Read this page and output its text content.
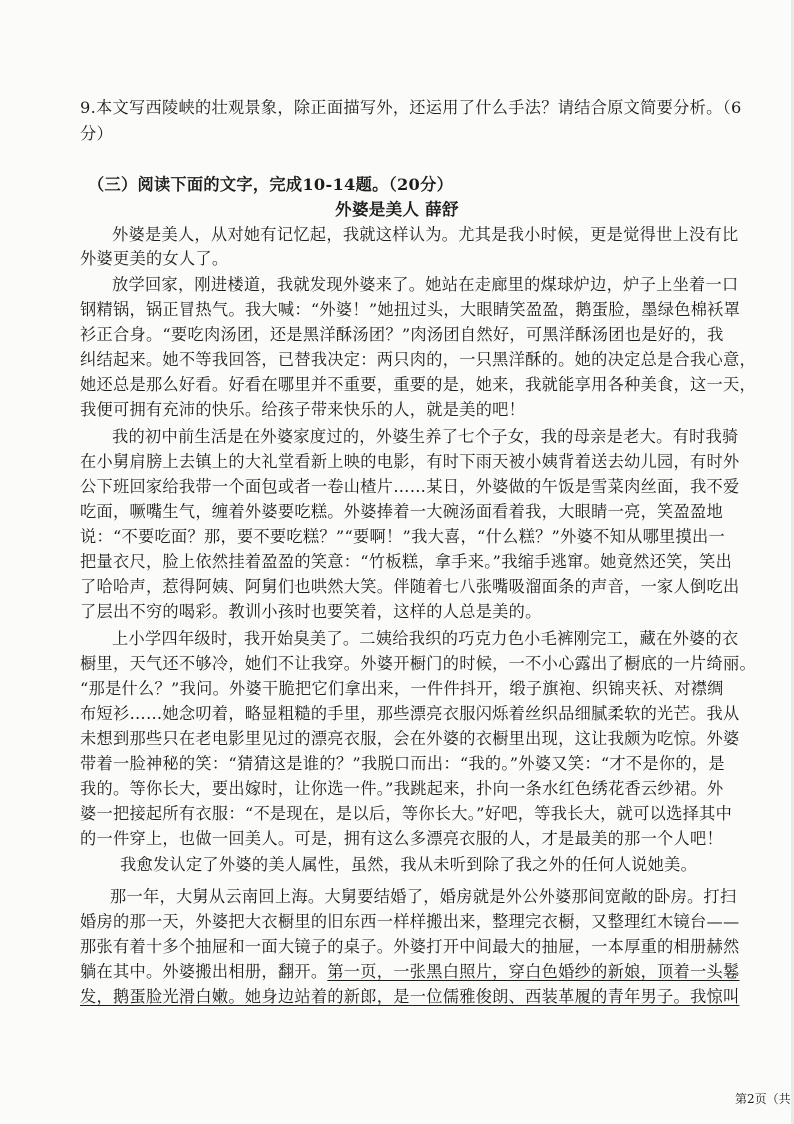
9.本文写西陵峡的壮观景象，除正面描写外，还运用了什么手法？请结合原文简要分析。（6
分）
（三）阅读下面的文字，完成10-14题。（20分）
外婆是美人 薛舒
外婆是美人，从对她有记忆起，我就这样认为。尤其是我小时候，更是觉得世上没有比
外婆更美的女人了。
放学回家，刚进楼道，我就发现外婆来了。她站在走廊里的煤球炉边，炉子上坐着一口
钢精锅，锅正冒热气。我大喊：“外婆！”她扭过头，大眼睛笑盈盈，鹅蛋脸，墨绿色棉袄罩
衫正合身。“要吃肉汤团，还是黑洋酥汤团？”肉汤团自然好，可黑洋酥汤团也是好的，我
纠结起来。她不等我回答，已替我决定：两只肉的，一只黑洋酥的。她的决定总是合我心意，
她还总是那么好看。好看在哪里并不重要，重要的是，她来，我就能享用各种美食，这一天，
我便可拥有充沛的快乐。给孩子带来快乐的人，就是美的吧！
我的初中前生活是在外婆家度过的，外婆生养了七个子女，我的母亲是老大。有时我骑
在小舅肩膀上去镇上的大礼堂看新上映的电影，有时下雨天被小姨背着送去幼儿园，有时外
公下班回家给我带一个面包或者一卷山楂片……某日，外婆做的午饭是雪菜肉丝面，我不爱
吃面，噘嘴生气，缠着外婆要吃糕。外婆捧着一大碗汤面看着我，大眼睛一亮，笑盈盈地
说：“不要吃面？那，要不要吃糕？”“要啊！”我大喜，“什么糕？”外婆不知从哪里摸出一
把量衣尺，脸上依然挂着盈盈的笑意：“竹板糕，拿手来。”我缩手逃窜。她竟然还笑，笑出
了哈哈声，惹得阿姨、阿舅们也哄然大笑。伴随着七八张嘴吸溜面条的声音，一家人倒吃出
了层出不穷的喝彩。教训小孩时也要笑着，这样的人总是美的。
上小学四年级时，我开始臭美了。二姨给我织的巧克力色小毛裤刚完工，藏在外婆的衣
橱里，天气还不够冷，她们不让我穿。外婆开橱门的时候，一不小心露出了橱底的一片绮丽。
“那是什么？”我问。外婆干脆把它们拿出来，一件件抖开，缎子旗袍、织锦夹袄、对襟绸
布短衫……她念叨着，略显粗糙的手里，那些漂亮衣服闪烁着丝织品细腻柔软的光芒。我从
未想到那些只在老电影里见过的漂亮衣服，会在外婆的衣橱里出现，这让我颇为吃惊。外婆
带着一脸神秘的笑：“猜猜这是谁的？”我脱口而出：“我的。”外婆又笑：“才不是你的，是
我的。等你长大，要出嫁时，让你选一件。”我跳起来，扑向一条水红色绣花香云纱裙。外
婆一把接起所有衣服：“不是现在，是以后，等你长大。”好吧，等我长大，就可以选择其中
的一件穿上，也做一回美人。可是，拥有这么多漂亮衣服的人，才是最美的那一个人吧！
我愈发认定了外婆的美人属性，虽然，我从未听到除了我之外的任何人说她美。
那一年，大舅从云南回上海。大舅要结婚了，婚房就是外公外婆那间宽敞的卧房。打扫
婚房的那一天，外婆把大衣橱里的旧东西一样样搬出来，整理完衣橱，又整理红木镜台——
那张有着十多个抽屉和一面大镜子的桌子。外婆打开中间最大的抽屉，一本厚重的相册赫然
躺在其中。外婆搬出相册，翻开。第一页，一张黑白照片，穿白色婚纱的新娘，顶着一头鬈
发，鹅蛋脸光滑白嫩。她身边站着的新郎，是一位儒雅俊朗、西装革履的青年男子。我惊叫
第2页（共
